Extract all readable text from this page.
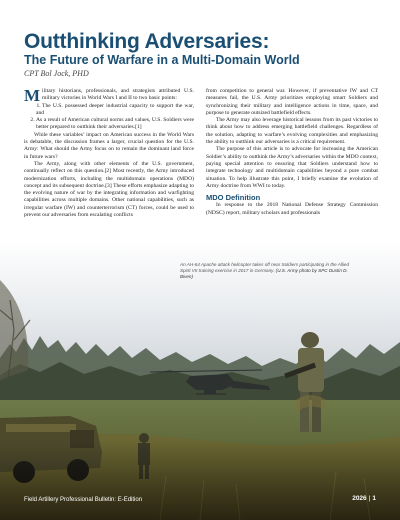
Outthinking Adversaries:
The Future of Warfare in a Multi-Domain World

CPT Bol Jock, PHD

Military historians, professionals, and strategists attributed U.S. military victories in World Wars I and II to two basic points:

1. The U.S. possessed deeper industrial capacity to support the war, and
2. As a result of American cultural norms and values, U.S. Soldiers were better prepared to outthink their adversaries.[1]

While these variables’ impact on American success in the World Wars is debatable, the discussion frames a larger, crucial question for the U.S. Army: What should the Army focus on to remain the dominant land force in future wars?

The Army, along with other elements of the U.S. government, continually reflect on this question.[2] Most recently, the Army introduced modernization efforts, including the multidomain operations (MDO) concept and its subsequent doctrine.[3] These efforts emphasize adapting to the evolving nature of war by the integrating information and warfighting capabilities across multiple domains. Other national capabilities, such as irregular warfare (IW) and counterterrorism (CT) forces, could be used to prevent our adversaries from escalating conflicts

from competition to general war. However, if preventative IW and CT measures fail, the U.S. Army prioritizes employing smart Soldiers and synchronizing their military and intelligence actions in time, space, and purpose to generate outsized battlefield effects.

The Army may also leverage historical lessons from its past victories to think about how to address emerging battlefield challenges. Regardless of the solution, adapting to warfare’s evolving complexities and emphasizing the ability to outthink our adversaries is a critical requirement.

The purpose of this article is to advocate for increasing the American Soldier’s ability to outthink the Army’s adversaries within the MDO context, paying special attention to ensuring that Soldiers understand how to integrate technology and multidomain capabilities beyond a pure combat situation. To help illustrate this point, I briefly examine the evolution of Army doctrine from WWI to today.

MDO Definition

In response to the 2018 National Defense Strategy Commission (NDSC) report, military scholars and professionals

An AH-64 Apache attack helicopter takes off near Soldiers participating in the Allied Spirit VII training exercise in 2017 in Germany. (U.S. Army photo by SPC Dustin D. Biven)
Field Artillery Professional Bulletin: E-Edition	2026 | 1
